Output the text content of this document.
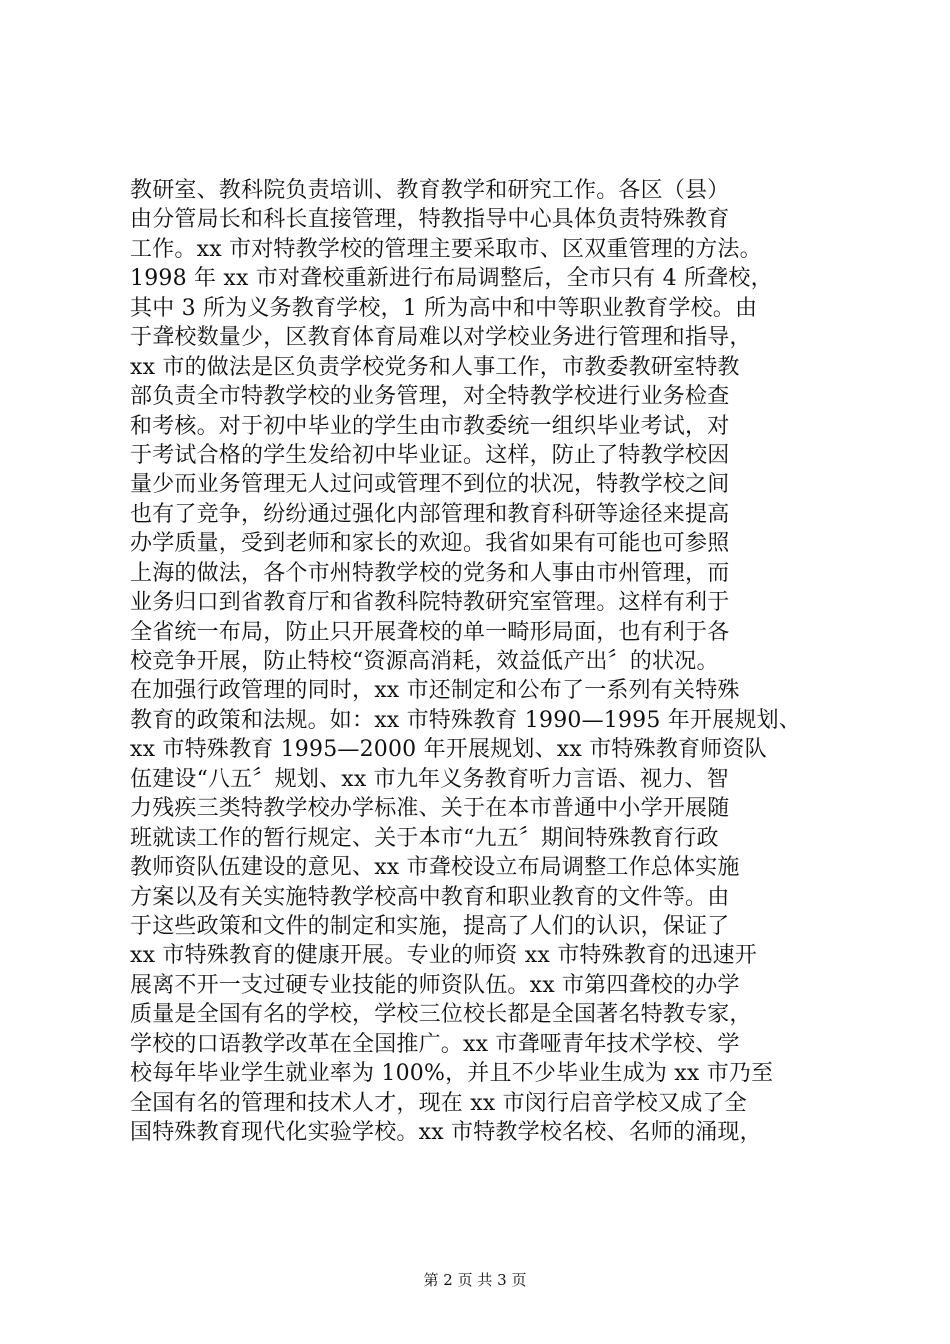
教研室、教科院负责培训、教育教学和研究工作。各区（县）
由分管局长和科长直接管理，特教指导中心具体负责特殊教育
工作。xx 市对特教学校的管理主要采取市、区双重管理的方法。
1998 年 xx 市对聋校重新进行布局调整后，全市只有 4 所聋校，
其中 3 所为义务教育学校，1 所为高中和中等职业教育学校。由
于聋校数量少，区教育体育局难以对学校业务进行管理和指导，
xx 市的做法是区负责学校党务和人事工作，市教委教研室特教
部负责全市特教学校的业务管理，对全特教学校进行业务检查
和考核。对于初中毕业的学生由市教委统一组织毕业考试，对
于考试合格的学生发给初中毕业证。这样，防止了特教学校因
量少而业务管理无人过问或管理不到位的状况，特教学校之间
也有了竞争，纷纷通过强化内部管理和教育科研等途径来提高
办学质量，受到老师和家长的欢迎。我省如果有可能也可参照
上海的做法，各个市州特教学校的党务和人事由市州管理，而
业务归口到省教育厅和省教科院特教研究室管理。这样有利于
全省统一布局，防止只开展聋校的单一畸形局面，也有利于各
校竞争开展，防止特校“资源高消耗，效益低产出〞的状况。
在加强行政管理的同时，xx 市还制定和公布了一系列有关特殊
教育的政策和法规。如：xx 市特殊教育 1990—1995 年开展规划、
xx 市特殊教育 1995—2000 年开展规划、xx 市特殊教育师资队
伍建设“八五〞规划、xx 市九年义务教育听力言语、视力、智
力残疾三类特教学校办学标准、关于在本市普通中小学开展随
班就读工作的暂行规定、关于本市“九五〞期间特殊教育行政
教师资队伍建设的意见、xx 市聋校设立布局调整工作总体实施
方案以及有关实施特教学校高中教育和职业教育的文件等。由
于这些政策和文件的制定和实施，提高了人们的认识，保证了
xx 市特殊教育的健康开展。专业的师资 xx 市特殊教育的迅速开
展离不开一支过硬专业技能的师资队伍。xx 市第四聋校的办学
质量是全国有名的学校，学校三位校长都是全国著名特教专家，
学校的口语教学改革在全国推广。xx 市聋哑青年技术学校、学
校每年毕业学生就业率为 100%，并且不少毕业生成为 xx 市乃至
全国有名的管理和技术人才，现在 xx 市闵行启音学校又成了全
国特殊教育现代化实验学校。xx 市特教学校名校、名师的涌现，
第 2 页 共 3 页
